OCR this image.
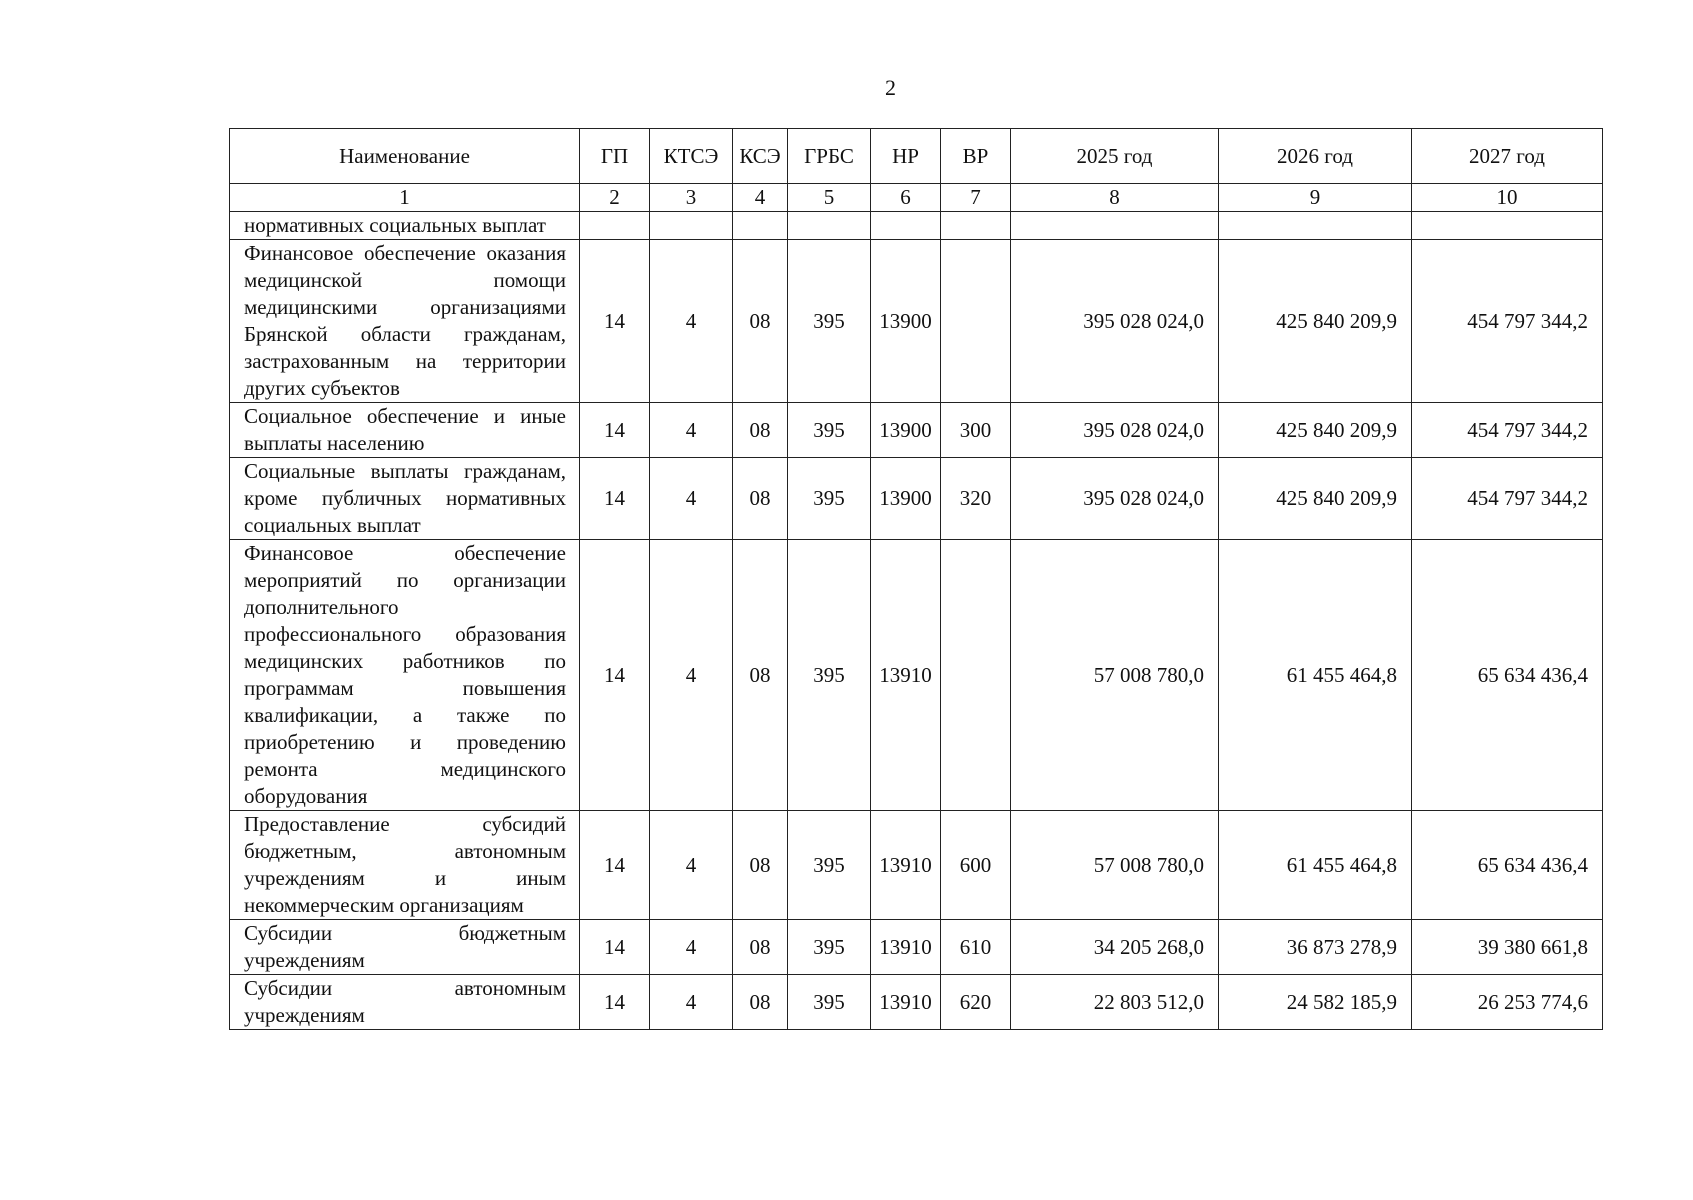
2
Наименование	ГП	КТСЭ	КСЭ	ГРБС	НР	ВР	2025 год	2026 год	2027 год
1	2	3	4	5	6	7	8	9	10
нормативных социальных выплат									
Финансовое обеспечение оказания медицинской помощи медицинскими организациями Брянской области гражданам, застрахованным на территории других субъектов	14	4	08	395	13900		395 028 024,0	425 840 209,9	454 797 344,2
Социальное обеспечение и иные выплаты населению	14	4	08	395	13900	300	395 028 024,0	425 840 209,9	454 797 344,2
Социальные выплаты гражданам, кроме публичных нормативных социальных выплат	14	4	08	395	13900	320	395 028 024,0	425 840 209,9	454 797 344,2
Финансовое обеспечение мероприятий по организации дополнительного профессионального образования медицинских работников по программам повышения квалификации, а также по приобретению и проведению ремонта медицинского оборудования	14	4	08	395	13910		57 008 780,0	61 455 464,8	65 634 436,4
Предоставление субсидий бюджетным, автономным учреждениям и иным некоммерческим организациям	14	4	08	395	13910	600	57 008 780,0	61 455 464,8	65 634 436,4
Субсидии бюджетным учреждениям	14	4	08	395	13910	610	34 205 268,0	36 873 278,9	39 380 661,8
Субсидии автономным учреждениям	14	4	08	395	13910	620	22 803 512,0	24 582 185,9	26 253 774,6
